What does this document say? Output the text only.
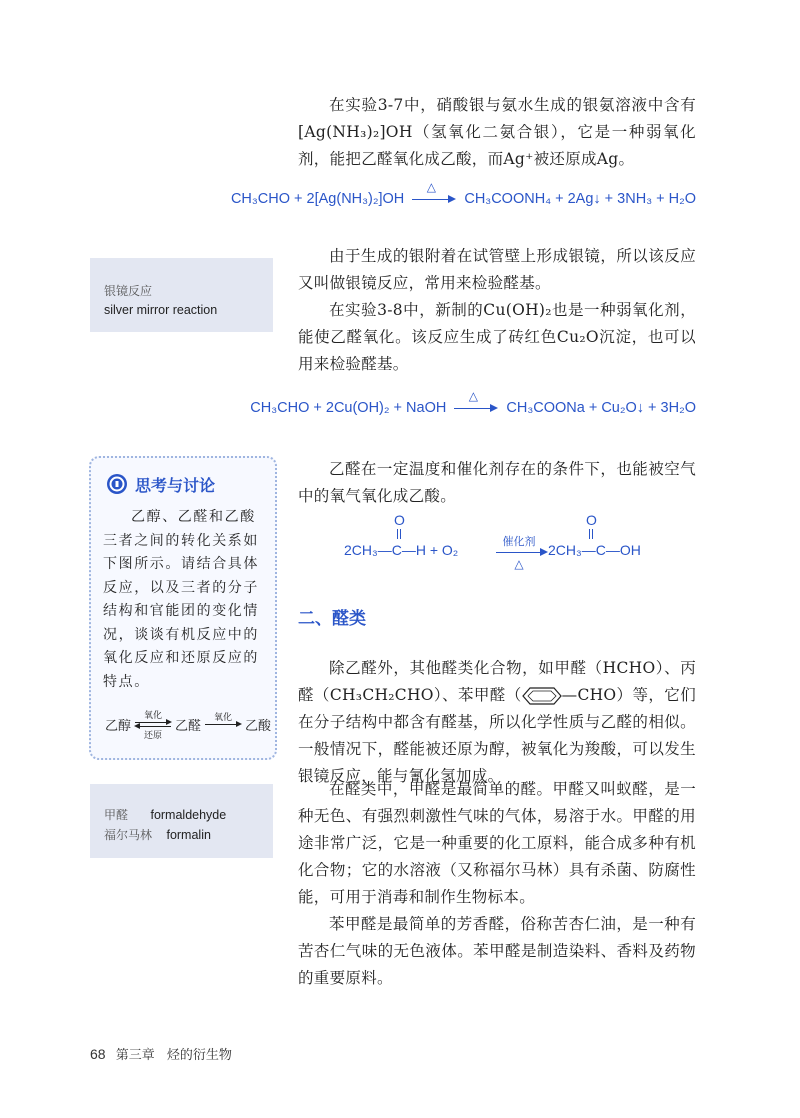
在实验3-7中，硝酸银与氨水生成的银氨溶液中含有[Ag(NH₃)₂]OH（氢氧化二氨合银），它是一种弱氧化剂，能把乙醛氧化成乙酸，而Ag⁺被还原成Ag。

CH₃CHO + 2[Ag(NH₃)₂]OH
△
CH₃COONH₄ + 2Ag↓ + 3NH₃ + H₂O
银镜反应
silver mirror reaction

由于生成的银附着在试管壁上形成银镜，所以该反应又叫做银镜反应，常用来检验醛基。

在实验3-8中，新制的Cu(OH)₂也是一种弱氧化剂，能使乙醛氧化。该反应生成了砖红色Cu₂O沉淀，也可以用来检验醛基。

CH₃CHO + 2Cu(OH)₂ + NaOH
△
CH₃COONa + Cu₂O↓ + 3H₂O
思考与讨论

乙醇、乙醛和乙酸三者之间的转化关系如下图所示。请结合具体反应，以及三者的分子结构和官能团的变化情况，谈谈有机反应中的氧化反应和还原反应的特点。

乙醇
氧化
还原
乙醛
氧化
乙酸

乙醛在一定温度和催化剂存在的条件下，也能被空气中的氧气氧化成乙酸。

O
2CH₃—C—H + O₂	催化剂
△
O
2CH₃—C—OH
二、醛类

除乙醛外，其他醛类化合物，如甲醛（HCHO）、丙醛（CH₃CH₂CHO）、苯甲醛（	—CHO）等，它们在分子结构中都含有醛基，所以化学性质与乙醛的相似。一般情况下，醛能被还原为醇，被氧化为羧酸，可以发生银镜反应，能与氰化氢加成。

甲醛 formaldehyde
福尔马林 formalin

在醛类中，甲醛是最简单的醛。甲醛又叫蚁醛，是一种无色、有强烈刺激性气味的气体，易溶于水。甲醛的用途非常广泛，它是一种重要的化工原料，能合成多种有机化合物；它的水溶液（又称福尔马林）具有杀菌、防腐性能，可用于消毒和制作生物标本。

苯甲醛是最简单的芳香醛，俗称苦杏仁油，是一种有苦杏仁气味的无色液体。苯甲醛是制造染料、香料及药物的重要原料。

68 第三章 烃的衍生物
